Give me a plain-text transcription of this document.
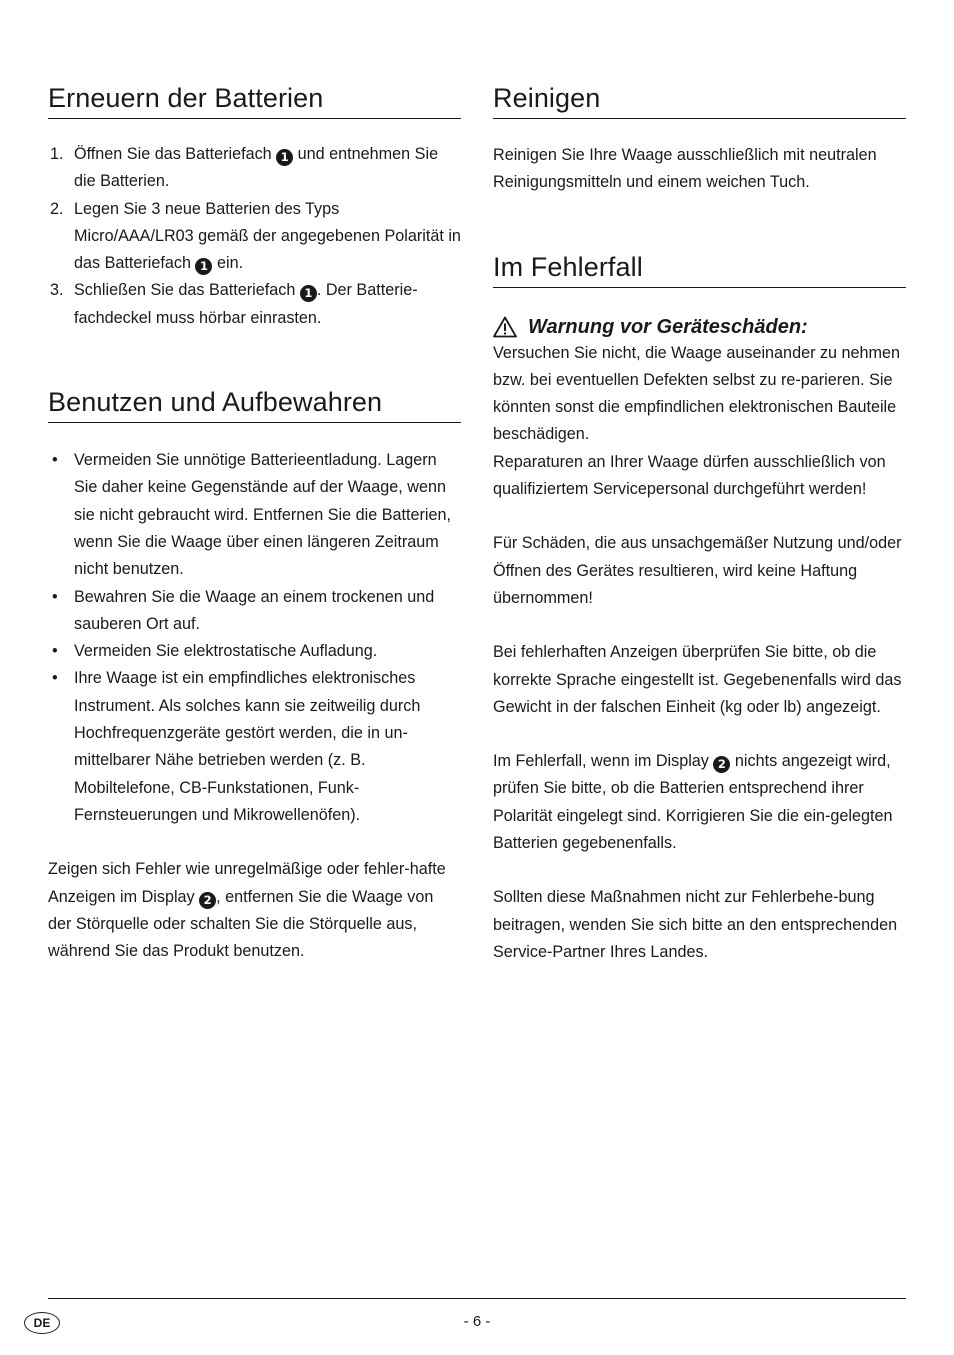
Erneuern der Batterien
1. Öffnen Sie das Batteriefach 1 und entnehmen Sie die Batterien.
2. Legen Sie 3 neue Batterien des Typs Micro/AAA/LR03 gemäß der angegebenen Polarität in das Batteriefach 1 ein.
3. Schließen Sie das Batteriefach 1 . Der Batterie-fachdeckel muss hörbar einrasten.
Benutzen und Aufbewahren
• Vermeiden Sie unnötige Batterieentladung. Lagern Sie daher keine Gegenstände auf der Waage, wenn sie nicht gebraucht wird. Entfernen Sie die Batterien, wenn Sie die Waage über einen längeren Zeitraum nicht benutzen.
• Bewahren Sie die Waage an einem trockenen und sauberen Ort auf.
• Vermeiden Sie elektrostatische Aufladung.
• Ihre Waage ist ein empfindliches elektronisches Instrument. Als solches kann sie zeitweilig durch Hochfrequenzgeräte gestört werden, die in un-mittelbarer Nähe betrieben werden (z. B. Mobiltelefone, CB-Funkstationen, Funk-Fernsteuerungen und Mikrowellenöfen).

Zeigen sich Fehler wie unregelmäßige oder fehler-hafte Anzeigen im Display 2 , entfernen Sie die Waage von der Störquelle oder schalten Sie die Störquelle aus, während Sie das Produkt benutzen.

Reinigen

Reinigen Sie Ihre Waage ausschließlich mit neutralen Reinigungsmitteln und einem weichen Tuch.

Im Fehlerfall
Warnung vor Geräteschäden:

Versuchen Sie nicht, die Waage auseinander zu nehmen bzw. bei eventuellen Defekten selbst zu re-parieren. Sie könnten sonst die empfindlichen elektronischen Bauteile beschädigen.

Reparaturen an Ihrer Waage dürfen ausschließlich von qualifiziertem Servicepersonal durchgeführt werden!

Für Schäden, die aus unsachgemäßer Nutzung und/oder Öffnen des Gerätes resultieren, wird keine Haftung übernommen!

Bei fehlerhaften Anzeigen überprüfen Sie bitte, ob die korrekte Sprache eingestellt ist. Gegebenenfalls wird das Gewicht in der falschen Einheit (kg oder lb) angezeigt.

Im Fehlerfall, wenn im Display 2 nichts angezeigt wird, prüfen Sie bitte, ob die Batterien entsprechend ihrer Polarität eingelegt sind. Korrigieren Sie die ein-gelegten Batterien gegebenenfalls.

Sollten diese Maßnahmen nicht zur Fehlerbehe-bung beitragen, wenden Sie sich bitte an den entsprechenden Service-Partner Ihres Landes.

DE	- 6 -
